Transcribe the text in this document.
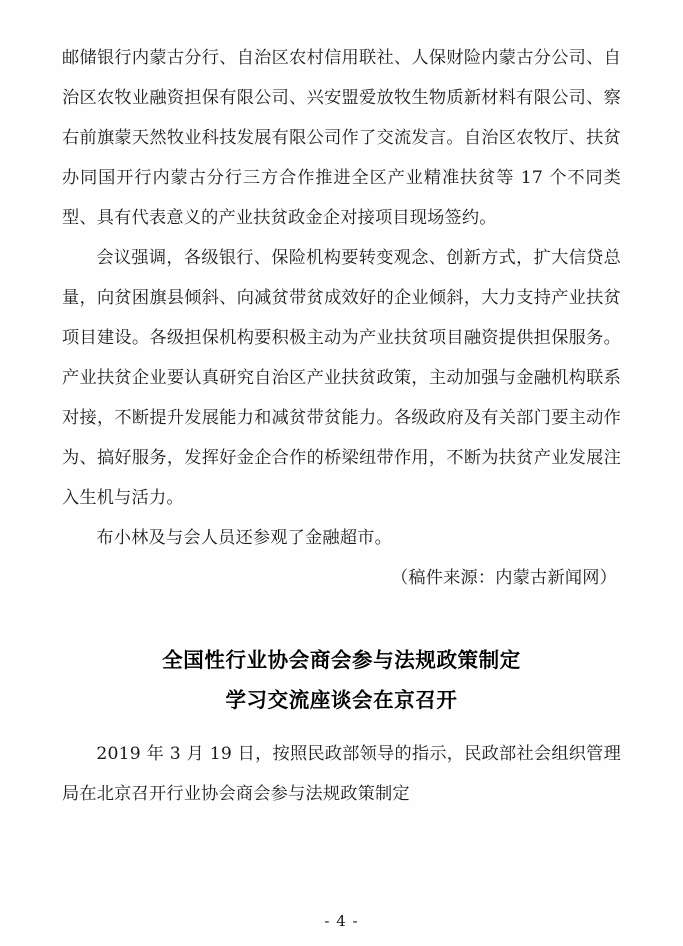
邮储银行内蒙古分行、自治区农村信用联社、人保财险内蒙古分公司、自治区农牧业融资担保有限公司、兴安盟爱放牧生物质新材料有限公司、察右前旗蒙天然牧业科技发展有限公司作了交流发言。自治区农牧厅、扶贫办同国开行内蒙古分行三方合作推进全区产业精准扶贫等 17 个不同类型、具有代表意义的产业扶贫政金企对接项目现场签约。

会议强调，各级银行、保险机构要转变观念、创新方式，扩大信贷总量，向贫困旗县倾斜、向减贫带贫成效好的企业倾斜，大力支持产业扶贫项目建设。各级担保机构要积极主动为产业扶贫项目融资提供担保服务。产业扶贫企业要认真研究自治区产业扶贫政策，主动加强与金融机构联系对接，不断提升发展能力和减贫带贫能力。各级政府及有关部门要主动作为、搞好服务，发挥好金企合作的桥梁纽带作用，不断为扶贫产业发展注入生机与活力。

布小林及与会人员还参观了金融超市。

（稿件来源：内蒙古新闻网）

全国性行业协会商会参与法规政策制定
学习交流座谈会在京召开

2019 年 3 月 19 日，按照民政部领导的指示，民政部社会组织管理局在北京召开行业协会商会参与法规政策制定

- 4 -
